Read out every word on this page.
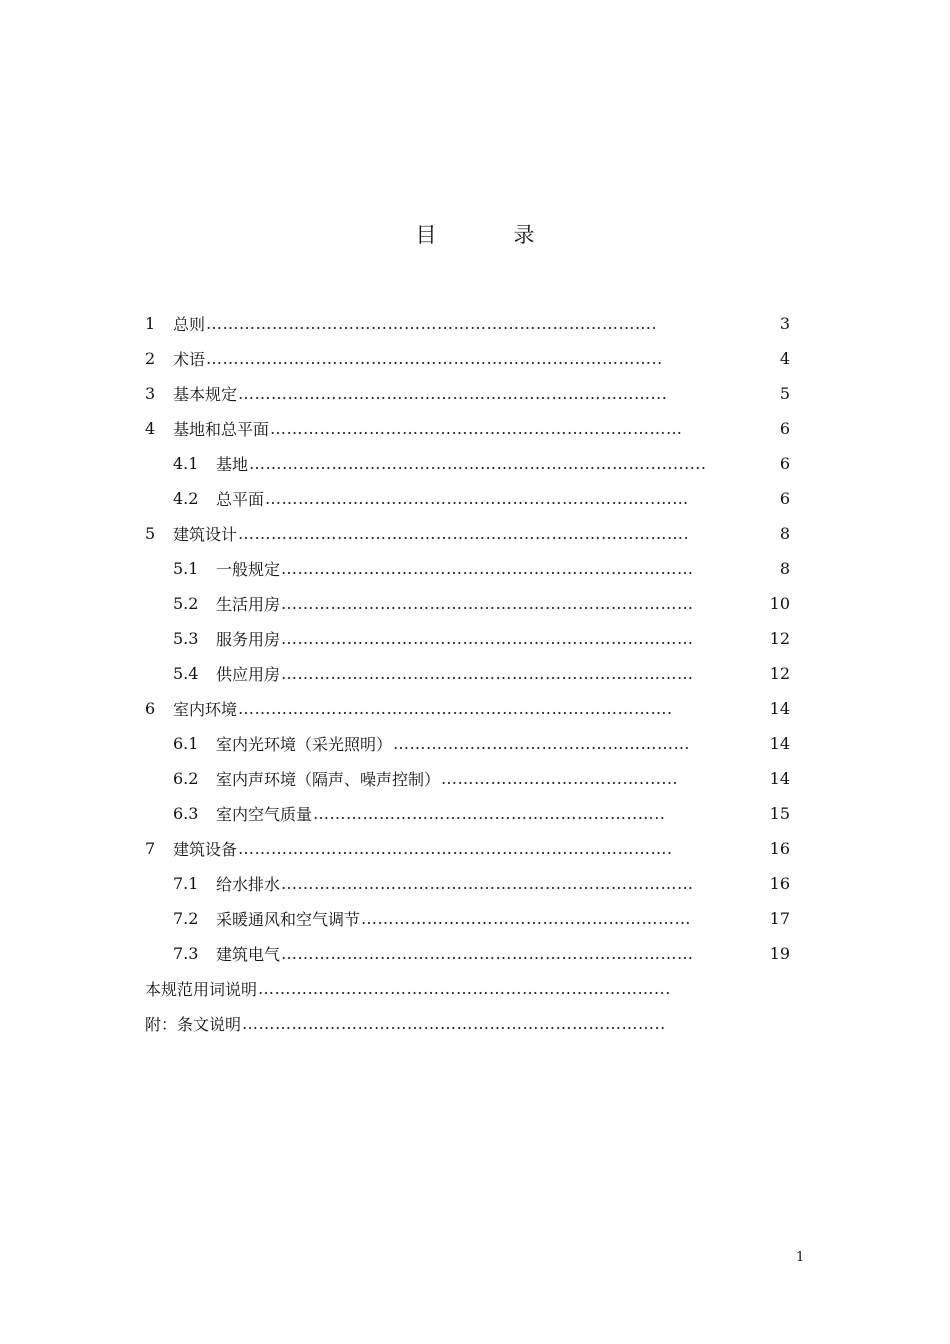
目　录
1	总则 ……………………………………………………………………….	3
2	术语 ………………………………………………………………………..	4
3	基本规定 …………………………………………………………………...	5
4	基地和总平面 …………………………………………………………………	6
4.1	基地 ………………………………………………………………...........	6
4.2	总平面 ……………………………………………………………..……	6
5	建筑设计 ……………………………………………………………………….	8
5.1	一般规定 …………………………………………………………………	8
5.2	生活用房 …………………………………………………………………	10
5.3	服务用房 …………………………………………………………………	12
5.4	供应用房 …………………………………………………………………	12
6	室内环境 …………………………………………………………………….	14
6.1	室内光环境（采光照明） ………………………………………………	14
6.2	室内声环境（隔声、噪声控制） ……………………………….......	14
6.3	室内空气质量 …………………………………………………..…..	15
7	建筑设备 …………………………………………………………………….	16
7.1	给水排水 …………………………………………………………………	16
7.2	采暖通风和空气调节 ……………………………………………………	17
7.3	建筑电气 …………………………………………………………………	19
本规范用词说明 ………………………………………………………………...
附：条文说明 …………………………………………………………………..
1
